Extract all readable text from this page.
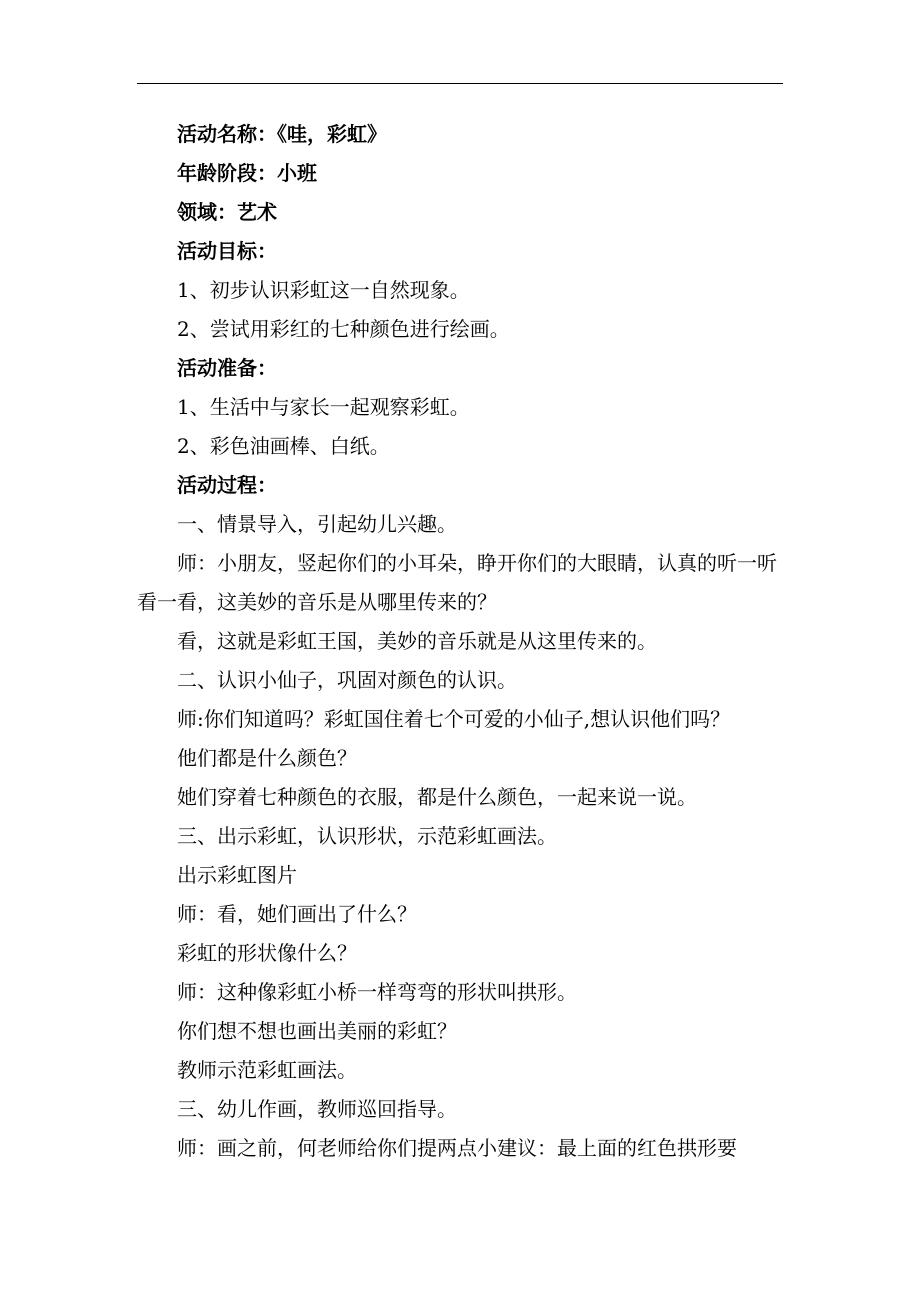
活动名称：《哇，彩虹》

年龄阶段：小班

领域：艺术

活动目标：

1、初步认识彩虹这一自然现象。

2、尝试用彩红的七种颜色进行绘画。

活动准备：

1、生活中与家长一起观察彩虹。

2、彩色油画棒、白纸。

活动过程：

一、情景导入，引起幼儿兴趣。

师：小朋友，竖起你们的小耳朵，睁开你们的大眼睛，认真的听一听看一看，这美妙的音乐是从哪里传来的？

看，这就是彩虹王国，美妙的音乐就是从这里传来的。

二、认识小仙子，巩固对颜色的认识。

师:你们知道吗？彩虹国住着七个可爱的小仙子,想认识他们吗？

他们都是什么颜色？

她们穿着七种颜色的衣服，都是什么颜色，一起来说一说。

三、出示彩虹，认识形状，示范彩虹画法。

出示彩虹图片

师：看，她们画出了什么？

彩虹的形状像什么？

师：这种像彩虹小桥一样弯弯的形状叫拱形。

你们想不想也画出美丽的彩虹？

教师示范彩虹画法。

三、幼儿作画，教师巡回指导。

师：画之前，何老师给你们提两点小建议：最上面的红色拱形要
